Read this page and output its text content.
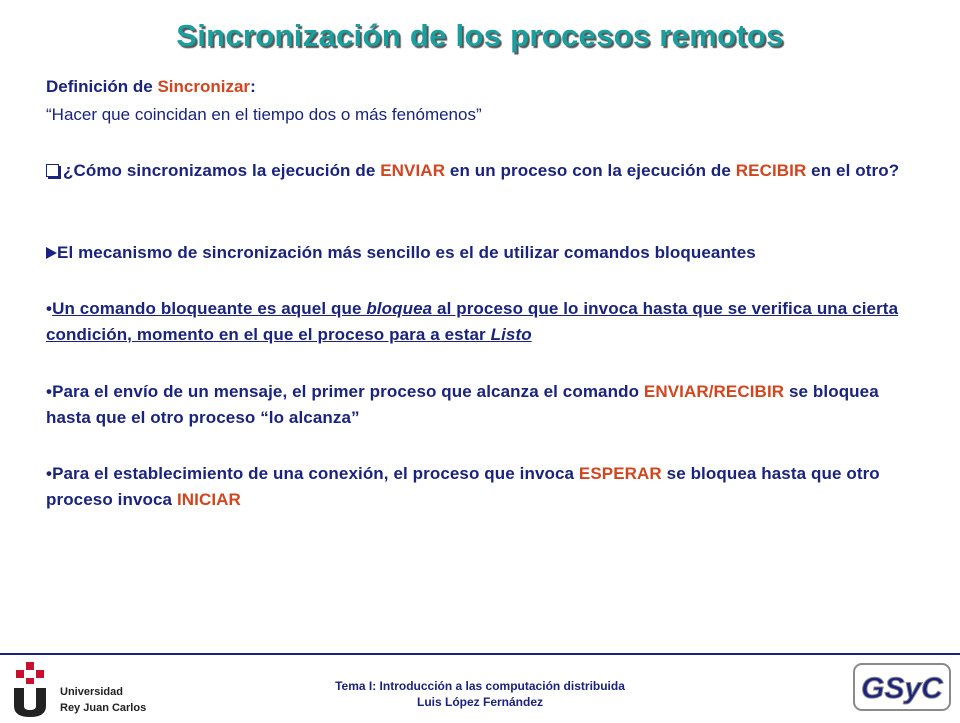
Sincronización de los procesos remotos
Definición de Sincronizar:
“Hacer que coincidan en el tiempo dos o más fenómenos”
¿Cómo sincronizamos la ejecución de ENVIAR en un proceso con la ejecución de RECIBIR en el otro?
El mecanismo de sincronización más sencillo es el de utilizar comandos bloqueantes
•Un comando bloqueante es aquel que bloquea al proceso que lo invoca hasta que se verifica una cierta condición, momento en el que el proceso para a estar Listo
•Para el envío de un mensaje, el primer proceso que alcanza el comando ENVIAR/RECIBIR se bloquea hasta que el otro proceso “lo alcanza”
•Para el establecimiento de una conexión, el proceso que invoca ESPERAR se bloquea hasta que otro proceso invoca INICIAR
Universidad
Rey Juan Carlos
Tema I: Introducción a las computación distribuida
Luis López Fernández	GSyC
